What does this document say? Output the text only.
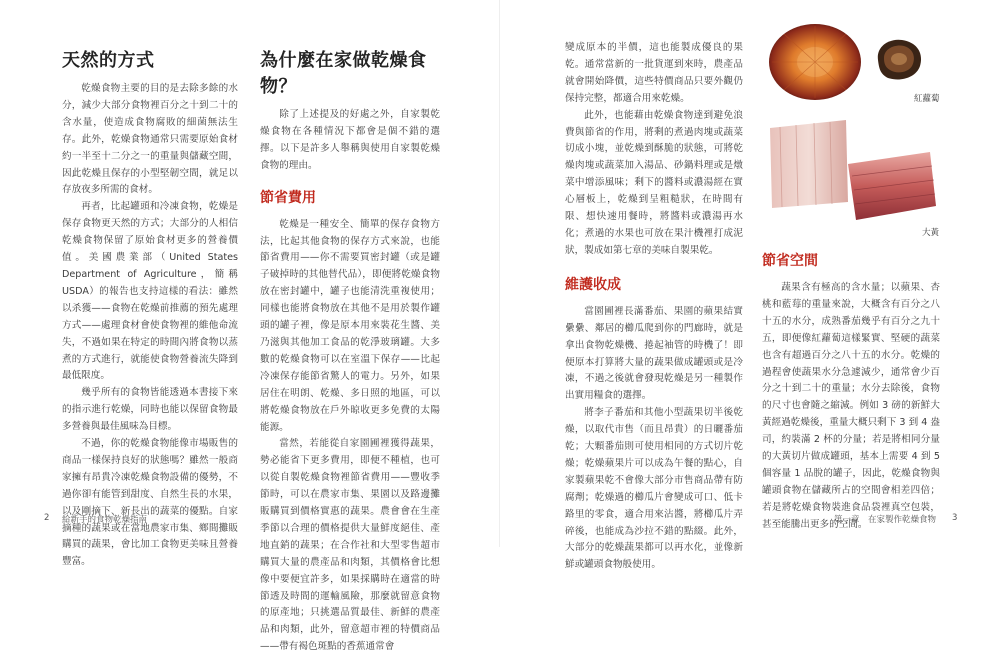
天然的方式

乾燥食物主要的目的是去除多餘的水分，減少大部分食物裡百分之十到二十的含水量，使造成食物腐敗的細菌無法生存。此外，乾燥食物通常只需要原始食材約一半至十二分之一的重量與儲藏空間，因此乾燥且保存的小型堅韌空間，就足以存放夜多所需的食材。

再者，比起罐頭和冷凍食物，乾燥是保存食物更天然的方式；大部分的人相信乾燥食物保留了原始食材更多的營養價值。美國農業部（United States Department of Agriculture，簡稱 USDA）的報告也支持這樣的看法：雖然以杀獲——食物在乾燥前推薦的預先處理方式——處理食材會使食物裡的維他命流失，不過如果在特定的時間內將食物以蒸煮的方式進行，就能使食物營養流失降到最低限度。

幾乎所有的食物皆能透過本書接下來的指示進行乾燥，同時也能以保留食物最多營養與最佳風味為目標。

不過，你的乾燥食物能像市場販售的商品一樣保持良好的狀態嗎？雖然一般商家擁有昂貴冷凍乾燥食物設備的優勢，不過你卻有能管到甜度、自然生長的水果，以及剛摘下、新長出的蔬菜的優點。自家摘種的蔬果或在當地農家市集、鄉間攤販購買的蔬果，會比加工食物更美味且營養豐富。

為什麼在家做乾燥食物？

除了上述提及的好處之外，自家製乾燥食物在各種情況下都會是個不錯的選擇。以下是許多人舉稱與使用自家製乾燥食物的理由。

節省費用

乾燥是一種安全、簡單的保存食物方法，比起其他食物的保存方式來說，也能節省費用——你不需要買密封罐（或是罐子破掉時的其他替代品），即便將乾燥食物放在密封罐中，罐子也能清洗重複使用；同樣也能將食物放在其他不是用於製作罐頭的罐子裡，像是原本用來裝花生醬、美乃滋與其他加工食品的乾淨玻璃罐。大多數的乾燥食物可以在室溫下保存——比起冷凍保存能節省驚人的電力。另外，如果居住在明朗、乾燥、多日照的地區，可以將乾燥食物放在戶外晾收更多免費的太陽能源。

當然，若能從自家園圃裡獲得蔬果，勢必能省下更多費用，即便不種植，也可以從自製乾燥食物裡節省費用——豐收季節時，可以在農家市集、果園以及路邊攤販購買到價格實惠的蔬果。農會會在生產季節以合理的價格提供大量鮮度絕佳、產地直銷的蔬果；在合作社和大型零售超市購買大量的農產品和肉類，其價格會比想像中要便宜許多，如果採購時在適當的時節透及時間的運輸風險，那麼就留意食物的原產地；只挑選品質最佳、新鮮的農產品和肉類，此外，留意超市裡的特價商品——帶有褐色斑點的香蕉通常會

2 給新手的食物乾燥指南

變成原本的半價，這也能製成優良的果乾。通常當新的一批貨運到來時，農產品就會開始降價，這些特價商品只要外觀仍保持完整，都適合用來乾燥。

此外，也能藉由乾燥食物達到避免浪費與節省的作用，將剩的煮過肉塊或蔬菜切成小塊，並乾燥到酥脆的狀態，可將乾燥肉塊或蔬菜加入湯品、砂鍋料理或是燉菜中增添風味；剩下的醬料或濃湯經在實心層板上，乾燥到呈粗糙狀，在時間有限、想快速用餐時，將醬料或濃湯再水化；煮過的水果也可放在果汁機裡打成泥狀，製成如第七章的美味自製果乾。

維護收成

當園圃裡長滿番茄、果園的蘋果結實纍纍、鄰居的櫛瓜爬到你的門廊時，就是拿出食物乾燥機、捲起袖管的時機了！即便原本打算將大量的蔬果做成罐頭或是冷凍，不過之後就會發現乾燥是另一種製作出實用糧食的選擇。

將李子番茄和其他小型蔬果切半後乾燥，以取代市售（而且昂貴）的日曬番茄乾；大顆番茄則可使用相同的方式切片乾燥；乾燥蘋果片可以成為午餐的點心，自家製蘋果乾不會像大部分市售商品帶有防腐劑；乾燥過的櫛瓜片會變成可口、低卡路里的零食，適合用來沾醬，將櫛瓜片弄碎後，也能成為沙拉不錯的點綴。此外，大部分的乾燥蔬果都可以再水化，並像新鮮或罐頭食物般使用。

紅蘿蔔
大黃
節省空間

蔬果含有極高的含水量；以蘋果、杏桃和藍莓的重量來說，大概含有百分之八十五的水分，成熟番茄幾乎有百分之九十五，即便像紅蘿蔔這樣緊實、堅硬的蔬菜也含有超過百分之八十五的水分。乾燥的過程會使蔬果水分急遽減少，通常會少百分之十到二十的重量；水分去除後，食物的尺寸也會隨之縮減。例如 3 磅的新鮮大黃經過乾燥後，重量大概只剩下 3 到 4 盎司，約裝滿 2 杯的分量；若是將相同分量的大黃切片做成罐頭，基本上需要 4 到 5 個容量 1 品脫的罐子，因此，乾燥食物與罐頭食物在儲藏所占的空間會相差四倍；若是將乾燥食物裝進食品袋裡真空包裝，甚至能騰出更多的空間。

第一章　在家製作乾燥食物 3
